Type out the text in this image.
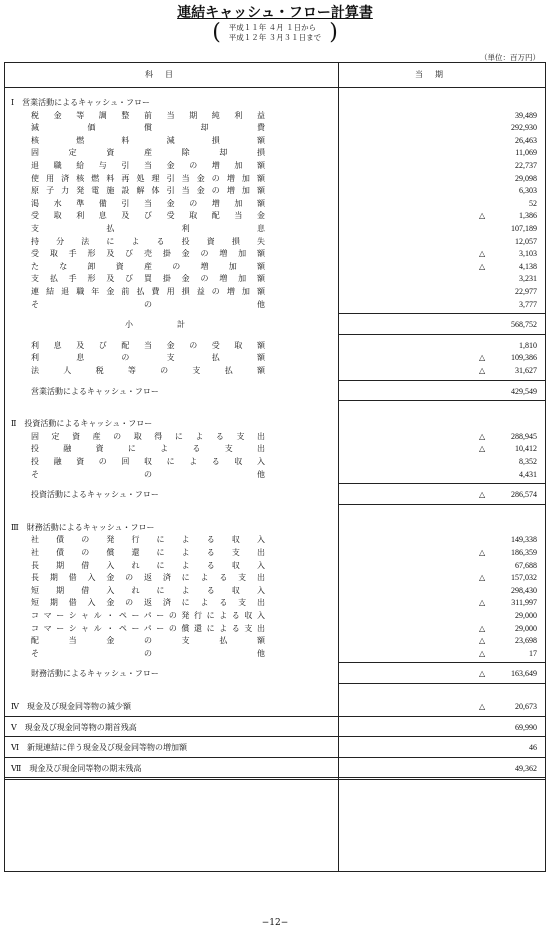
連結キャッシュ・フロー計算書
( 平成１１年 ４月 １日から
平成１２年 ３月３１日まで )
（単位：百万円）
科目	当期
Ⅰ　営業活動によるキャッシュ・フロー
税金等調整前当期純利益	39,489
減価償却費	292,930
核燃料減損額	26,463
固定資産除却損	11,069
退職給与引当金の増加額	22,737
使用済核燃料再処理引当金の増加額	29,098
原子力発電施設解体引当金の増加額	6,303
渇水準備引当金の増加額	52
受取利息及び受取配当金	△	1,386
支払利息	107,189
持分法による投資損失	12,057
受取手形及び売掛金の増加額	△	3,103
たな卸資産の増加額	△	4,138
支払手形及び買掛金の増加額	3,231
連結退職年金前払費用損益の増加額	22,977
その他	3,777
小計	568,752
利息及び配当金の受取額	1,810
利息の支払額	△	109,386
法人税等の支払額	△	31,627
営業活動によるキャッシュ・フロー	429,549
Ⅱ　投資活動によるキャッシュ・フロー
固定資産の取得による支出	△	288,945
投融資による支出	△	10,412
投融資の回収による収入	8,352
その他	4,431
投資活動によるキャッシュ・フロー	△	286,574
Ⅲ　財務活動によるキャッシュ・フロー
社債の発行による収入	149,338
社債の償還による支出	△	186,359
長期借入れによる収入	67,688
長期借入金の返済による支出	△	157,032
短期借入れによる収入	298,430
短期借入金の返済による支出	△	311,997
コマーシャル・ペーパーの発行による収入	29,000
コマーシャル・ペーパーの償還による支出	△	29,000
配当金の支払額	△	23,698
その他	△	17
財務活動によるキャッシュ・フロー	△	163,649
Ⅳ　現金及び現金同等物の減少額	△	20,673
Ⅴ　現金及び現金同等物の期首残高	69,990
Ⅵ　新規連結に伴う現金及び現金同等物の増加額	46
Ⅶ　現金及び現金同等物の期末残高	49,362
−12−
